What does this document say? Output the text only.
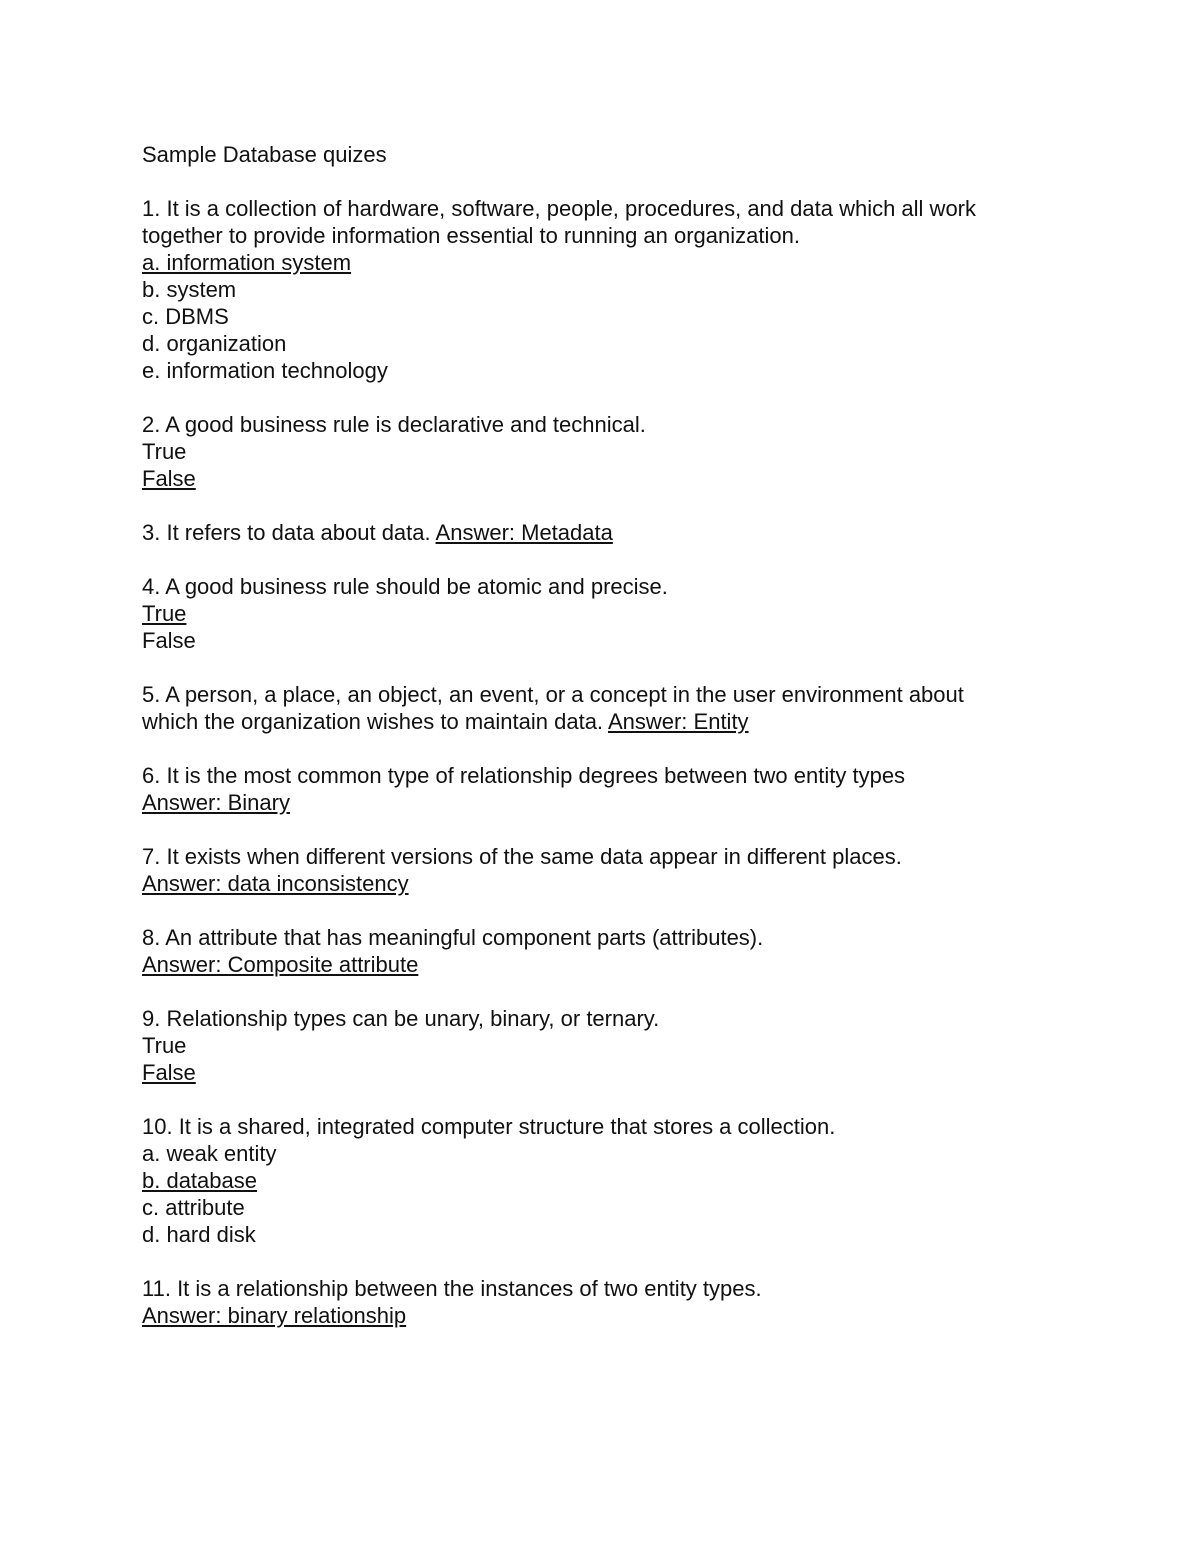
Sample Database quizes
1. It is a collection of hardware, software, people, procedures, and data which all work
together to provide information essential to running an organization.
a. information system
b. system
c. DBMS
d. organization
e. information technology
2. A good business rule is declarative and technical.
True
False
3. It refers to data about data. Answer: Metadata
4. A good business rule should be atomic and precise.
True
False
5. A person, a place, an object, an event, or a concept in the user environment about
which the organization wishes to maintain data. Answer: Entity
6. It is the most common type of relationship degrees between two entity types
Answer: Binary
7. It exists when different versions of the same data appear in different places.
Answer: data inconsistency
8. An attribute that has meaningful component parts (attributes).
Answer: Composite attribute
9. Relationship types can be unary, binary, or ternary.
True
False
10. It is a shared, integrated computer structure that stores a collection.
a. weak entity
b. database
c. attribute
d. hard disk
11. It is a relationship between the instances of two entity types.
Answer: binary relationship
